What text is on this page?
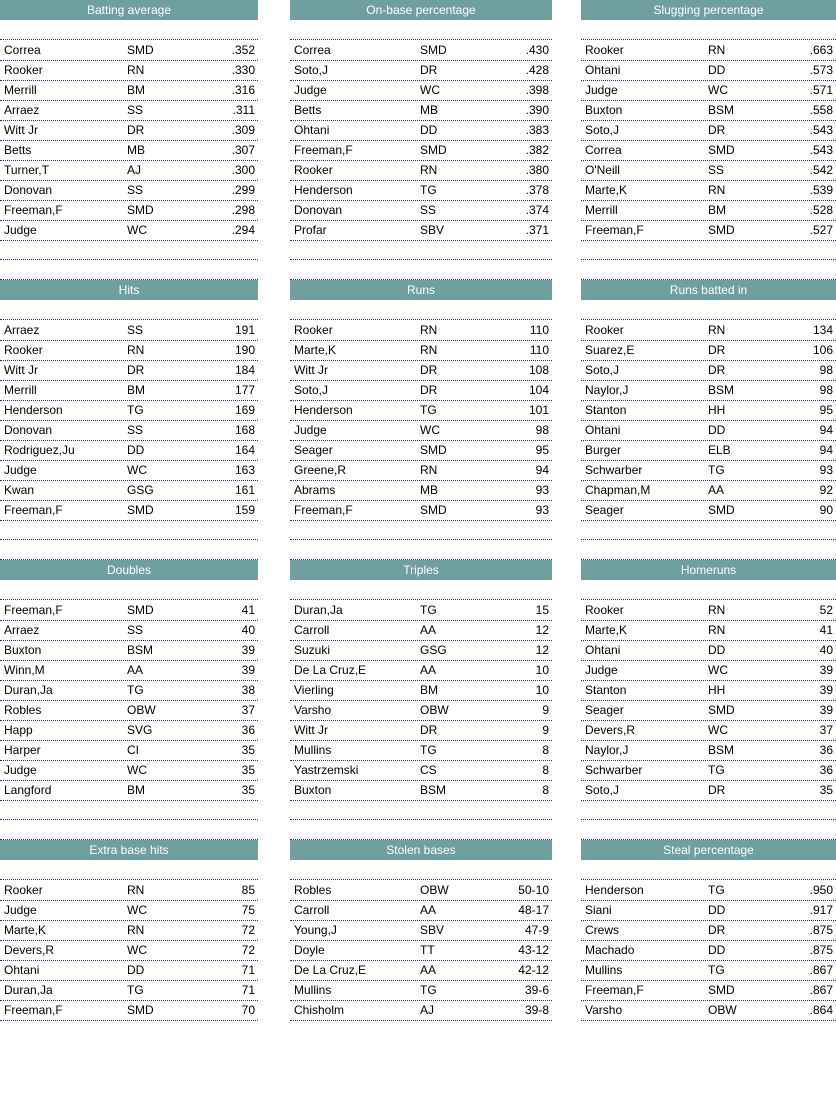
Batting average
Correa	SMD	.352
Rooker	RN	.330
Merrill	BM	.316
Arraez	SS	.311
Witt Jr	DR	.309
Betts	MB	.307
Turner,T	AJ	.300
Donovan	SS	.299
Freeman,F	SMD	.298
Judge	WC	.294
On-base percentage
Correa	SMD	.430
Soto,J	DR	.428
Judge	WC	.398
Betts	MB	.390
Ohtani	DD	.383
Freeman,F	SMD	.382
Rooker	RN	.380
Henderson	TG	.378
Donovan	SS	.374
Profar	SBV	.371
Slugging percentage
Rooker	RN	.663
Ohtani	DD	.573
Judge	WC	.571
Buxton	BSM	.558
Soto,J	DR	.543
Correa	SMD	.543
O'Neill	SS	.542
Marte,K	RN	.539
Merrill	BM	.528
Freeman,F	SMD	.527
Hits
Arraez	SS	191
Rooker	RN	190
Witt Jr	DR	184
Merrill	BM	177
Henderson	TG	169
Donovan	SS	168
Rodriguez,Ju	DD	164
Judge	WC	163
Kwan	GSG	161
Freeman,F	SMD	159
Runs
Rooker	RN	110
Marte,K	RN	110
Witt Jr	DR	108
Soto,J	DR	104
Henderson	TG	101
Judge	WC	98
Seager	SMD	95
Greene,R	RN	94
Abrams	MB	93
Freeman,F	SMD	93
Runs batted in
Rooker	RN	134
Suarez,E	DR	106
Soto,J	DR	98
Naylor,J	BSM	98
Stanton	HH	95
Ohtani	DD	94
Burger	ELB	94
Schwarber	TG	93
Chapman,M	AA	92
Seager	SMD	90
Doubles
Freeman,F	SMD	41
Arraez	SS	40
Buxton	BSM	39
Winn,M	AA	39
Duran,Ja	TG	38
Robles	OBW	37
Happ	SVG	36
Harper	CI	35
Judge	WC	35
Langford	BM	35
Triples
Duran,Ja	TG	15
Carroll	AA	12
Suzuki	GSG	12
De La Cruz,E	AA	10
Vierling	BM	10
Varsho	OBW	9
Witt Jr	DR	9
Mullins	TG	8
Yastrzemski	CS	8
Buxton	BSM	8
Homeruns
Rooker	RN	52
Marte,K	RN	41
Ohtani	DD	40
Judge	WC	39
Stanton	HH	39
Seager	SMD	39
Devers,R	WC	37
Naylor,J	BSM	36
Schwarber	TG	36
Soto,J	DR	35
Extra base hits
Rooker	RN	85
Judge	WC	75
Marte,K	RN	72
Devers,R	WC	72
Ohtani	DD	71
Duran,Ja	TG	71
Freeman,F	SMD	70
Stolen bases
Robles	OBW	50-10
Carroll	AA	48-17
Young,J	SBV	47-9
Doyle	TT	43-12
De La Cruz,E	AA	42-12
Mullins	TG	39-6
Chisholm	AJ	39-8
Steal percentage
Henderson	TG	.950
Siani	DD	.917
Crews	DR	.875
Machado	DD	.875
Mullins	TG	.867
Freeman,F	SMD	.867
Varsho	OBW	.864
